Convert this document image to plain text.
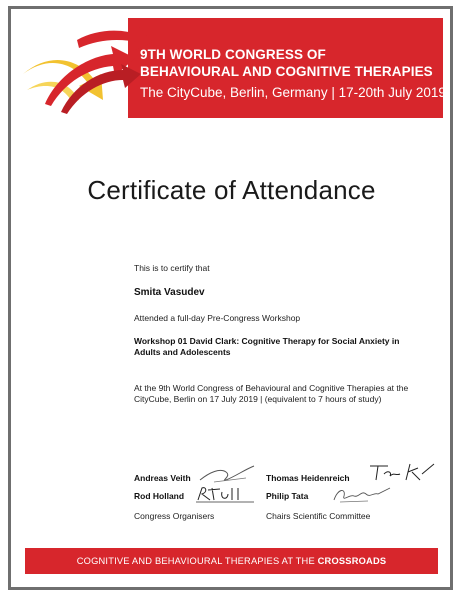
9TH WORLD CONGRESS OF
BEHAVIOURAL AND COGNITIVE THERAPIES
The CityCube, Berlin, Germany | 17-20th July 2019
Certificate of Attendance
This is to certify that
Smita Vasudev
Attended a full-day Pre-Congress Workshop
Workshop 01 David Clark: Cognitive Therapy for Social Anxiety in Adults and Adolescents
At the 9th World Congress of Behavioural and Cognitive Therapies at the CityCube, Berlin on 17 July 2019 | (equivalent to 7 hours of study)
Andreas Veith
Rod Holland
Congress Organisers
Thomas Heidenreich
Philip Tata
Chairs Scientific Committee
COGNITIVE AND BEHAVIOURAL THERAPIES AT THE CROSSROADS
